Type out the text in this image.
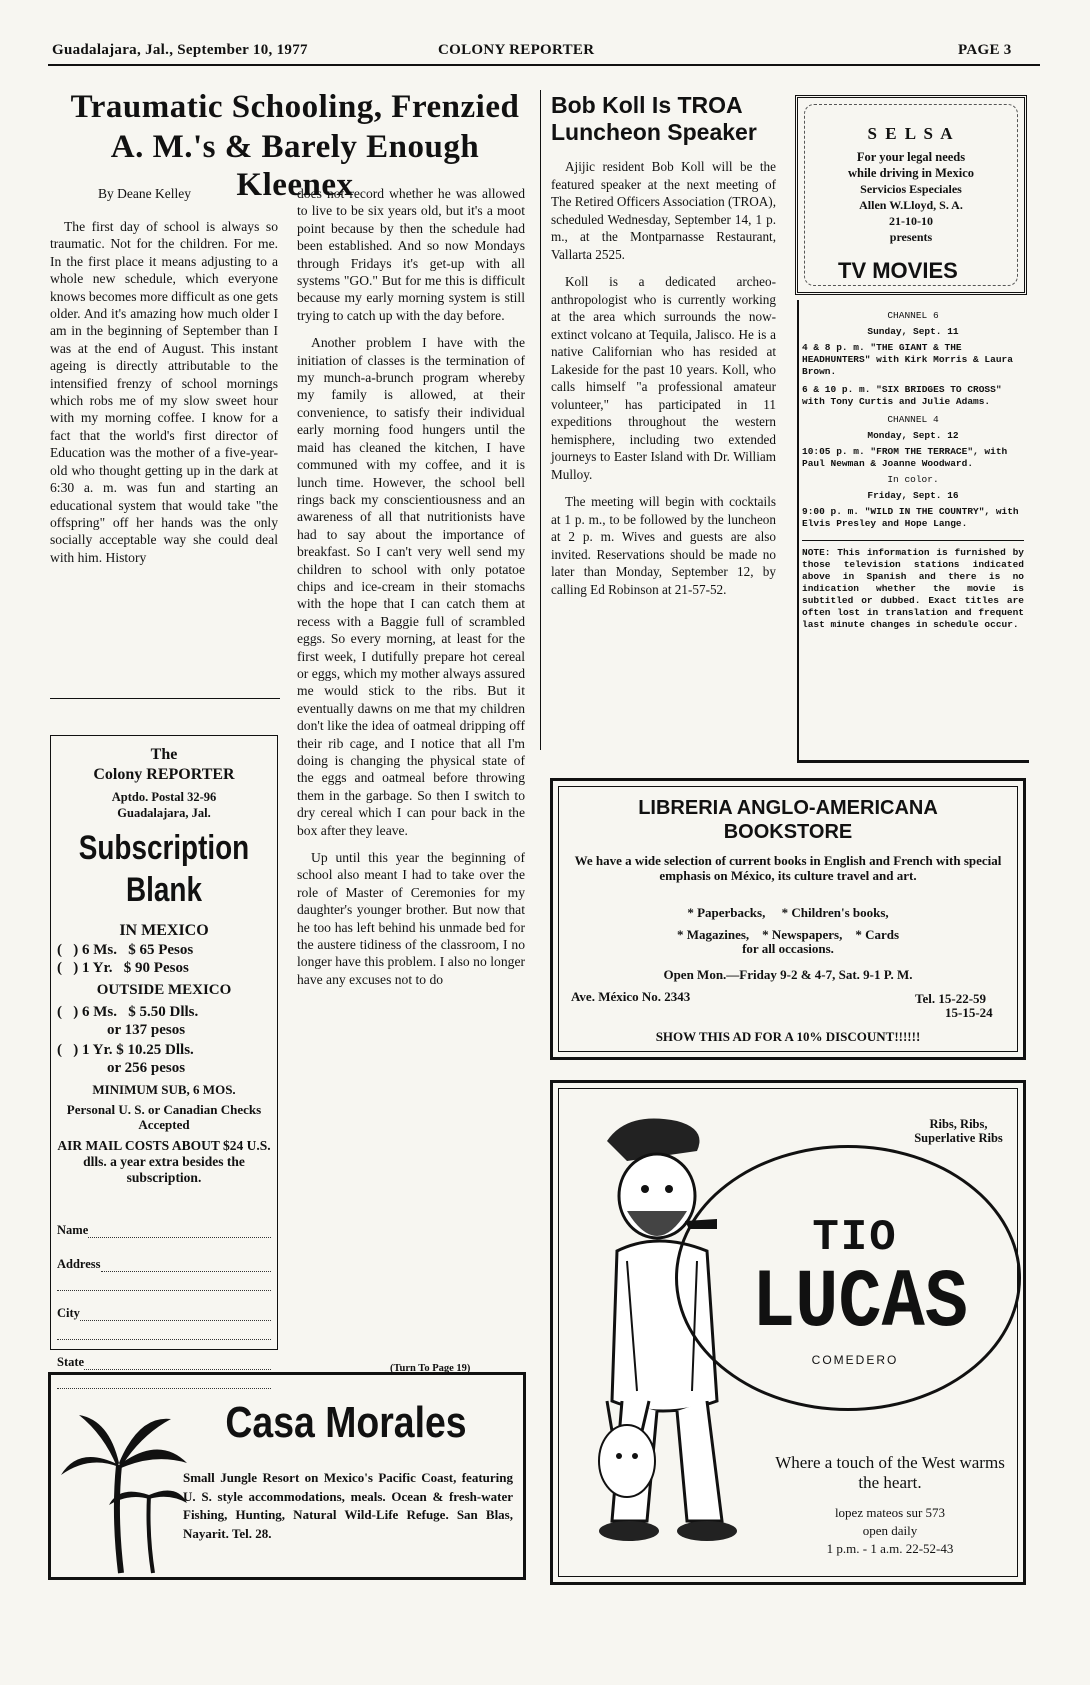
Guadalajara, Jal., September 10, 1977	COLONY REPORTER	PAGE 3
Traumatic Schooling, Frenzied
A. M.'s & Barely Enough Kleenex
By Deane Kelley

The first day of school is always so traumatic. Not for the children. For me. In the first place it means adjusting to a whole new schedule, which everyone knows becomes more difficult as one gets older. And it's amazing how much older I am in the beginning of September than I was at the end of August. This instant ageing is directly attributable to the intensified frenzy of school mornings which robs me of my slow sweet hour with my morning coffee. I know for a fact that the world's first director of Education was the mother of a five-year-old who thought getting up in the dark at 6:30 a. m. was fun and starting an educational system that would take "the offspring" off her hands was the only socially acceptable way she could deal with him. History

does not record whether he was allowed to live to be six years old, but it's a moot point because by then the schedule had been established. And so now Mondays through Fridays it's get-up with all systems "GO." But for me this is difficult because my early morning system is still trying to catch up with the day before.

Another problem I have with the initiation of classes is the termination of my munch-a-brunch program whereby my family is allowed, at their convenience, to satisfy their individual early morning food hungers until the maid has cleaned the kitchen, I have communed with my coffee, and it is lunch time. However, the school bell rings back my conscientiousness and an awareness of all that nutritionists have had to say about the importance of breakfast. So I can't very well send my children to school with only potatoe chips and ice-cream in their stomachs with the hope that I can catch them at recess with a Baggie full of scrambled eggs. So every morning, at least for the first week, I dutifully prepare hot cereal or eggs, which my mother always assured me would stick to the ribs. But it eventually dawns on me that my children don't like the idea of oatmeal dripping off their rib cage, and I notice that all I'm doing is changing the physical state of the eggs and oatmeal before throwing them in the garbage. So then I switch to dry cereal which I can pour back in the box after they leave.

Up until this year the beginning of school also meant I had to take over the role of Master of Ceremonies for my daughter's younger brother. But now that he too has left behind his unmade bed for the austere tidiness of the classroom, I no longer have this problem. I also no longer have any excuses not to do

(Turn To Page 19)
Bob Koll Is TROA Luncheon Speaker

Ajijic resident Bob Koll will be the featured speaker at the next meeting of The Retired Officers Association (TROA), scheduled Wednesday, September 14, 1 p. m., at the Montparnasse Restaurant, Vallarta 2525.

Koll is a dedicated archeo-anthropologist who is currently working at the area which surrounds the now-extinct volcano at Tequila, Jalisco. He is a native Californian who has resided at Lakeside for the past 10 years. Koll, who calls himself "a professional amateur volunteer," has participated in 11 expeditions throughout the western hemisphere, including two extended journeys to Easter Island with Dr. William Mulloy.

The meeting will begin with cocktails at 1 p. m., to be followed by the luncheon at 2 p. m. Wives and guests are also invited. Reservations should be made no later than Monday, September 12, by calling Ed Robinson at 21-57-52.

S E L S A
For your legal needs
while driving in Mexico
Servicios Especiales
Allen W.Lloyd, S. A.
21-10-10
presents
TV MOVIES
CHANNEL 6
Sunday, Sept. 11
4 & 8 p. m. "THE GIANT & THE HEADHUNTERS" with Kirk Morris & Laura Brown.
6 & 10 p. m. "SIX BRIDGES TO CROSS" with Tony Curtis and Julie Adams.
CHANNEL 4
Monday, Sept. 12
10:05 p. m. "FROM THE TERRACE", with Paul Newman & Joanne Woodward.
In color.
Friday, Sept. 16
9:00 p. m. "WILD IN THE COUNTRY", with Elvis Presley and Hope Lange.
NOTE: This information is furnished by those television stations indicated above in Spanish and there is no indication whether the movie is subtitled or dubbed. Exact titles are often lost in translation and frequent last minute changes in schedule occur.
The
Colony REPORTER
Aptdo. Postal 32-96
Guadalajara, Jal.
Subscription
Blank
IN MEXICO
(   ) 6 Ms.   $ 65 Pesos
(   ) 1 Yr.   $ 90 Pesos
OUTSIDE MEXICO
(   ) 6 Ms.   $ 5.50 Dlls.
or 137 pesos
(   ) 1 Yr. $ 10.25 Dlls.
or 256 pesos
MINIMUM SUB, 6 MOS.
Personal U. S. or Canadian Checks Accepted
AIR MAIL COSTS ABOUT $24 U.S. dlls. a year extra besides the subscription.
Name
Address
City
State
LIBRERIA ANGLO-AMERICANA
BOOKSTORE
We have a wide selection of current books in English and French with special emphasis on México, its culture travel and art.
* Paperbacks,     * Children's books,
* Magazines,    * Newspapers,    * Cards
for all occasions.
Open Mon.—Friday 9-2 & 4-7, Sat. 9-1 P. M.
Ave. México No. 2343	Tel. 15-22-59
15-15-24
SHOW THIS AD FOR A 10% DISCOUNT!!!!!!
Ribs, Ribs, Superlative Ribs
TIO
LUCAS
COMEDERO
Where a touch of the West warms the heart.
lopez mateos sur 573
open daily
1 p.m. - 1 a.m. 22-52-43
Casa Morales
Small Jungle Resort on Mexico's Pacific Coast, featuring U. S. style accommodations, meals. Ocean & fresh-water Fishing, Hunting, Natural Wild-Life Refuge. San Blas, Nayarit. Tel. 28.
